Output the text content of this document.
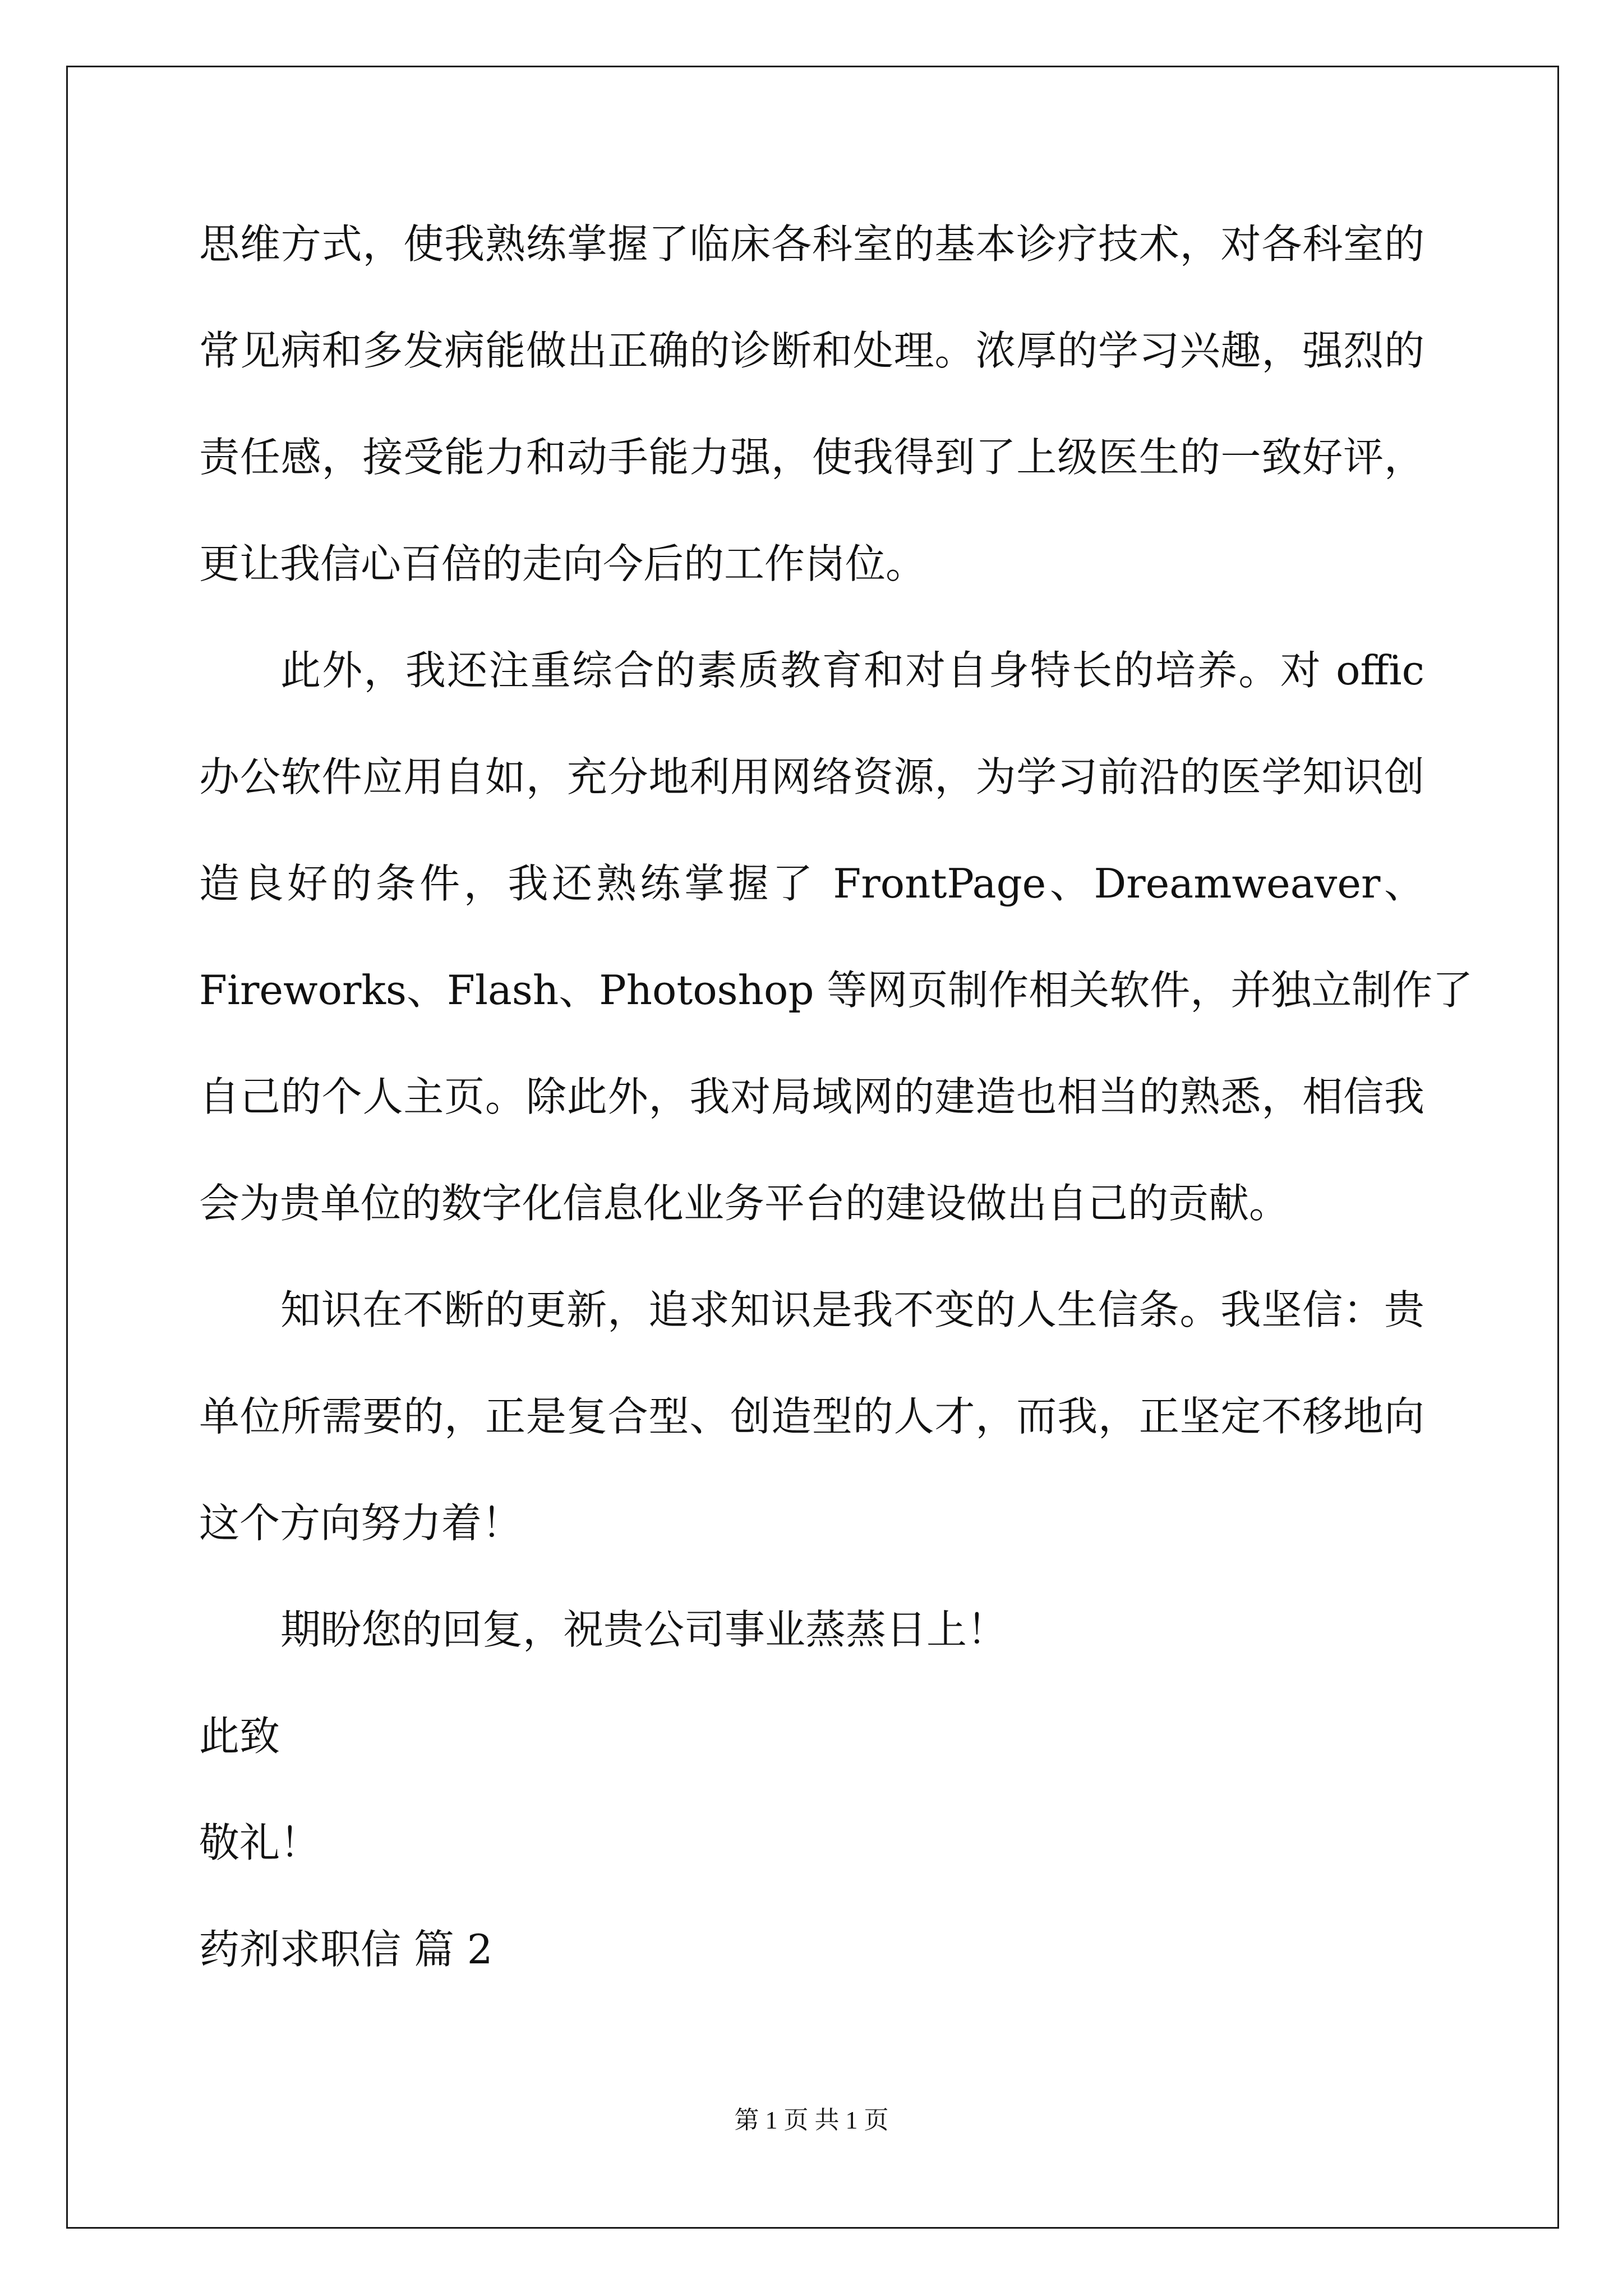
思维方式，使我熟练掌握了临床各科室的基本诊疗技术，对各科室的
常见病和多发病能做出正确的诊断和处理。浓厚的学习兴趣，强烈的
责任感，接受能力和动手能力强，使我得到了上级医生的一致好评，
更让我信心百倍的走向今后的工作岗位。
此外，我还注重综合的素质教育和对自身特长的培养。对 offic
办公软件应用自如，充分地利用网络资源，为学习前沿的医学知识创
造良好的条件，我还熟练掌握了 FrontPage、Dreamweaver、
Fireworks、Flash、Photoshop 等网页制作相关软件，并独立制作了
自己的个人主页。除此外，我对局域网的建造也相当的熟悉，相信我
会为贵单位的数字化信息化业务平台的建设做出自己的贡献。
知识在不断的更新，追求知识是我不变的人生信条。我坚信：贵
单位所需要的，正是复合型、创造型的人才，而我，正坚定不移地向
这个方向努力着！
期盼您的回复，祝贵公司事业蒸蒸日上！
此致
敬礼！
药剂求职信 篇 2
第 1 页 共 1 页
